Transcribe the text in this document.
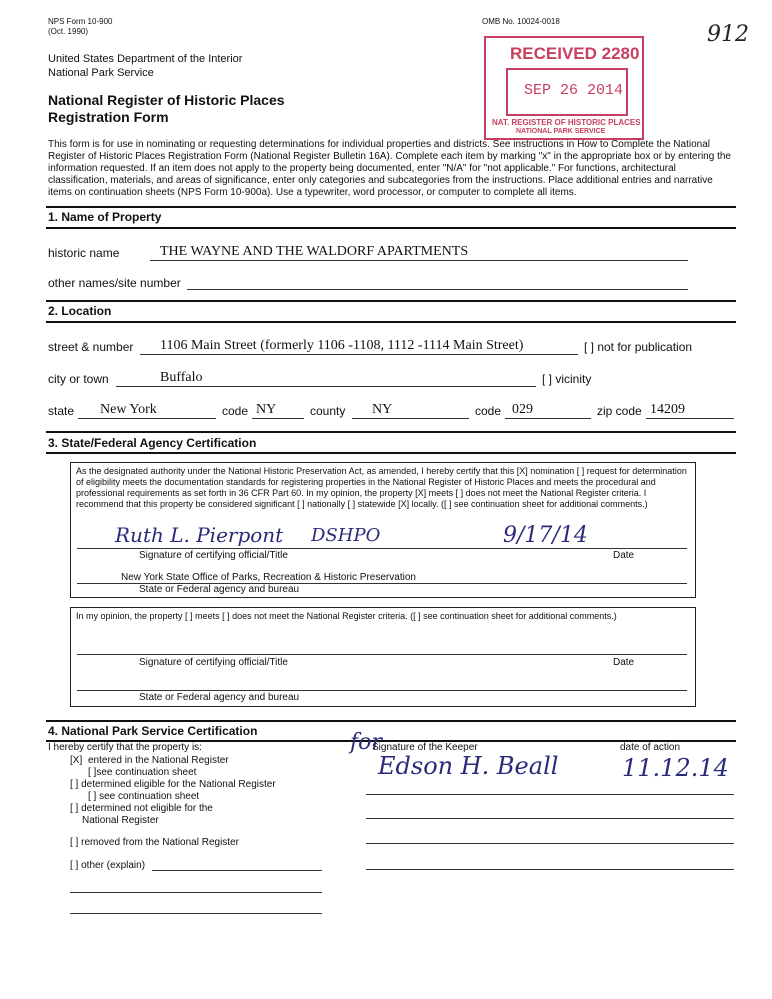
NPS Form 10-900
(Oct. 1990)
OMB No. 10024-0018
912
United States Department of the Interior
National Park Service
National Register of Historic Places
Registration Form
RECEIVED 2280
SEP 26 2014
NAT. REGISTER OF HISTORIC PLACES
NATIONAL PARK SERVICE
This form is for use in nominating or requesting determinations for individual properties and districts. See instructions in How to Complete the National Register of Historic Places Registration Form (National Register Bulletin 16A). Complete each item by marking "x" in the appropriate box or by entering the information requested. If an item does not apply to the property being documented, enter "N/A" for "not applicable." For functions, architectural classification, materials, and areas of significance, enter only categories and subcategories from the instructions. Place additional entries and narrative items on continuation sheets (NPS Form 10-900a). Use a typewriter, word processor, or computer to complete all items.
1. Name of Property
historic name	THE WAYNE AND THE WALDORF APARTMENTS
other names/site number
2. Location
street & number 1106 Main Street (formerly 1106 -1108, 1112 -1114 Main Street)	[ ] not for publication
city or town	Buffalo	[ ] vicinity
state New York	code NY	county NY	code 029	zip code 14209
3. State/Federal Agency Certification
As the designated authority under the National Historic Preservation Act, as amended, I hereby certify that this [X] nomination [ ] request for determination of eligibility meets the documentation standards for registering properties in the National Register of Historic Places and meets the procedural and professional requirements as set forth in 36 CFR Part 60. In my opinion, the property [X] meets [ ] does not meet the National Register criteria. I recommend that this property be considered significant [ ] nationally [ ] statewide [X] locally. ([ ] see continuation sheet for additional comments.)
Ruth L. Pierpont DSHPO	9/17/14
Signature of certifying official/Title	Date
New York State Office of Parks, Recreation & Historic Preservation
State or Federal agency and bureau
In my opinion, the property [ ] meets [ ] does not meet the National Register criteria. ([ ] see continuation sheet for additional comments.)
Signature of certifying official/Title	Date
State or Federal agency and bureau
4. National Park Service Certification
I hereby certify that the property is:
[X] entered in the National Register
[ ]see continuation sheet
[ ] determined eligible for the National Register
[ ] see continuation sheet
[ ] determined not eligible for the
National Register
[ ] removed from the National Register
[ ] other (explain)
Signature of the Keeper	date of action
for
Edson H. Beall	11.12.14
